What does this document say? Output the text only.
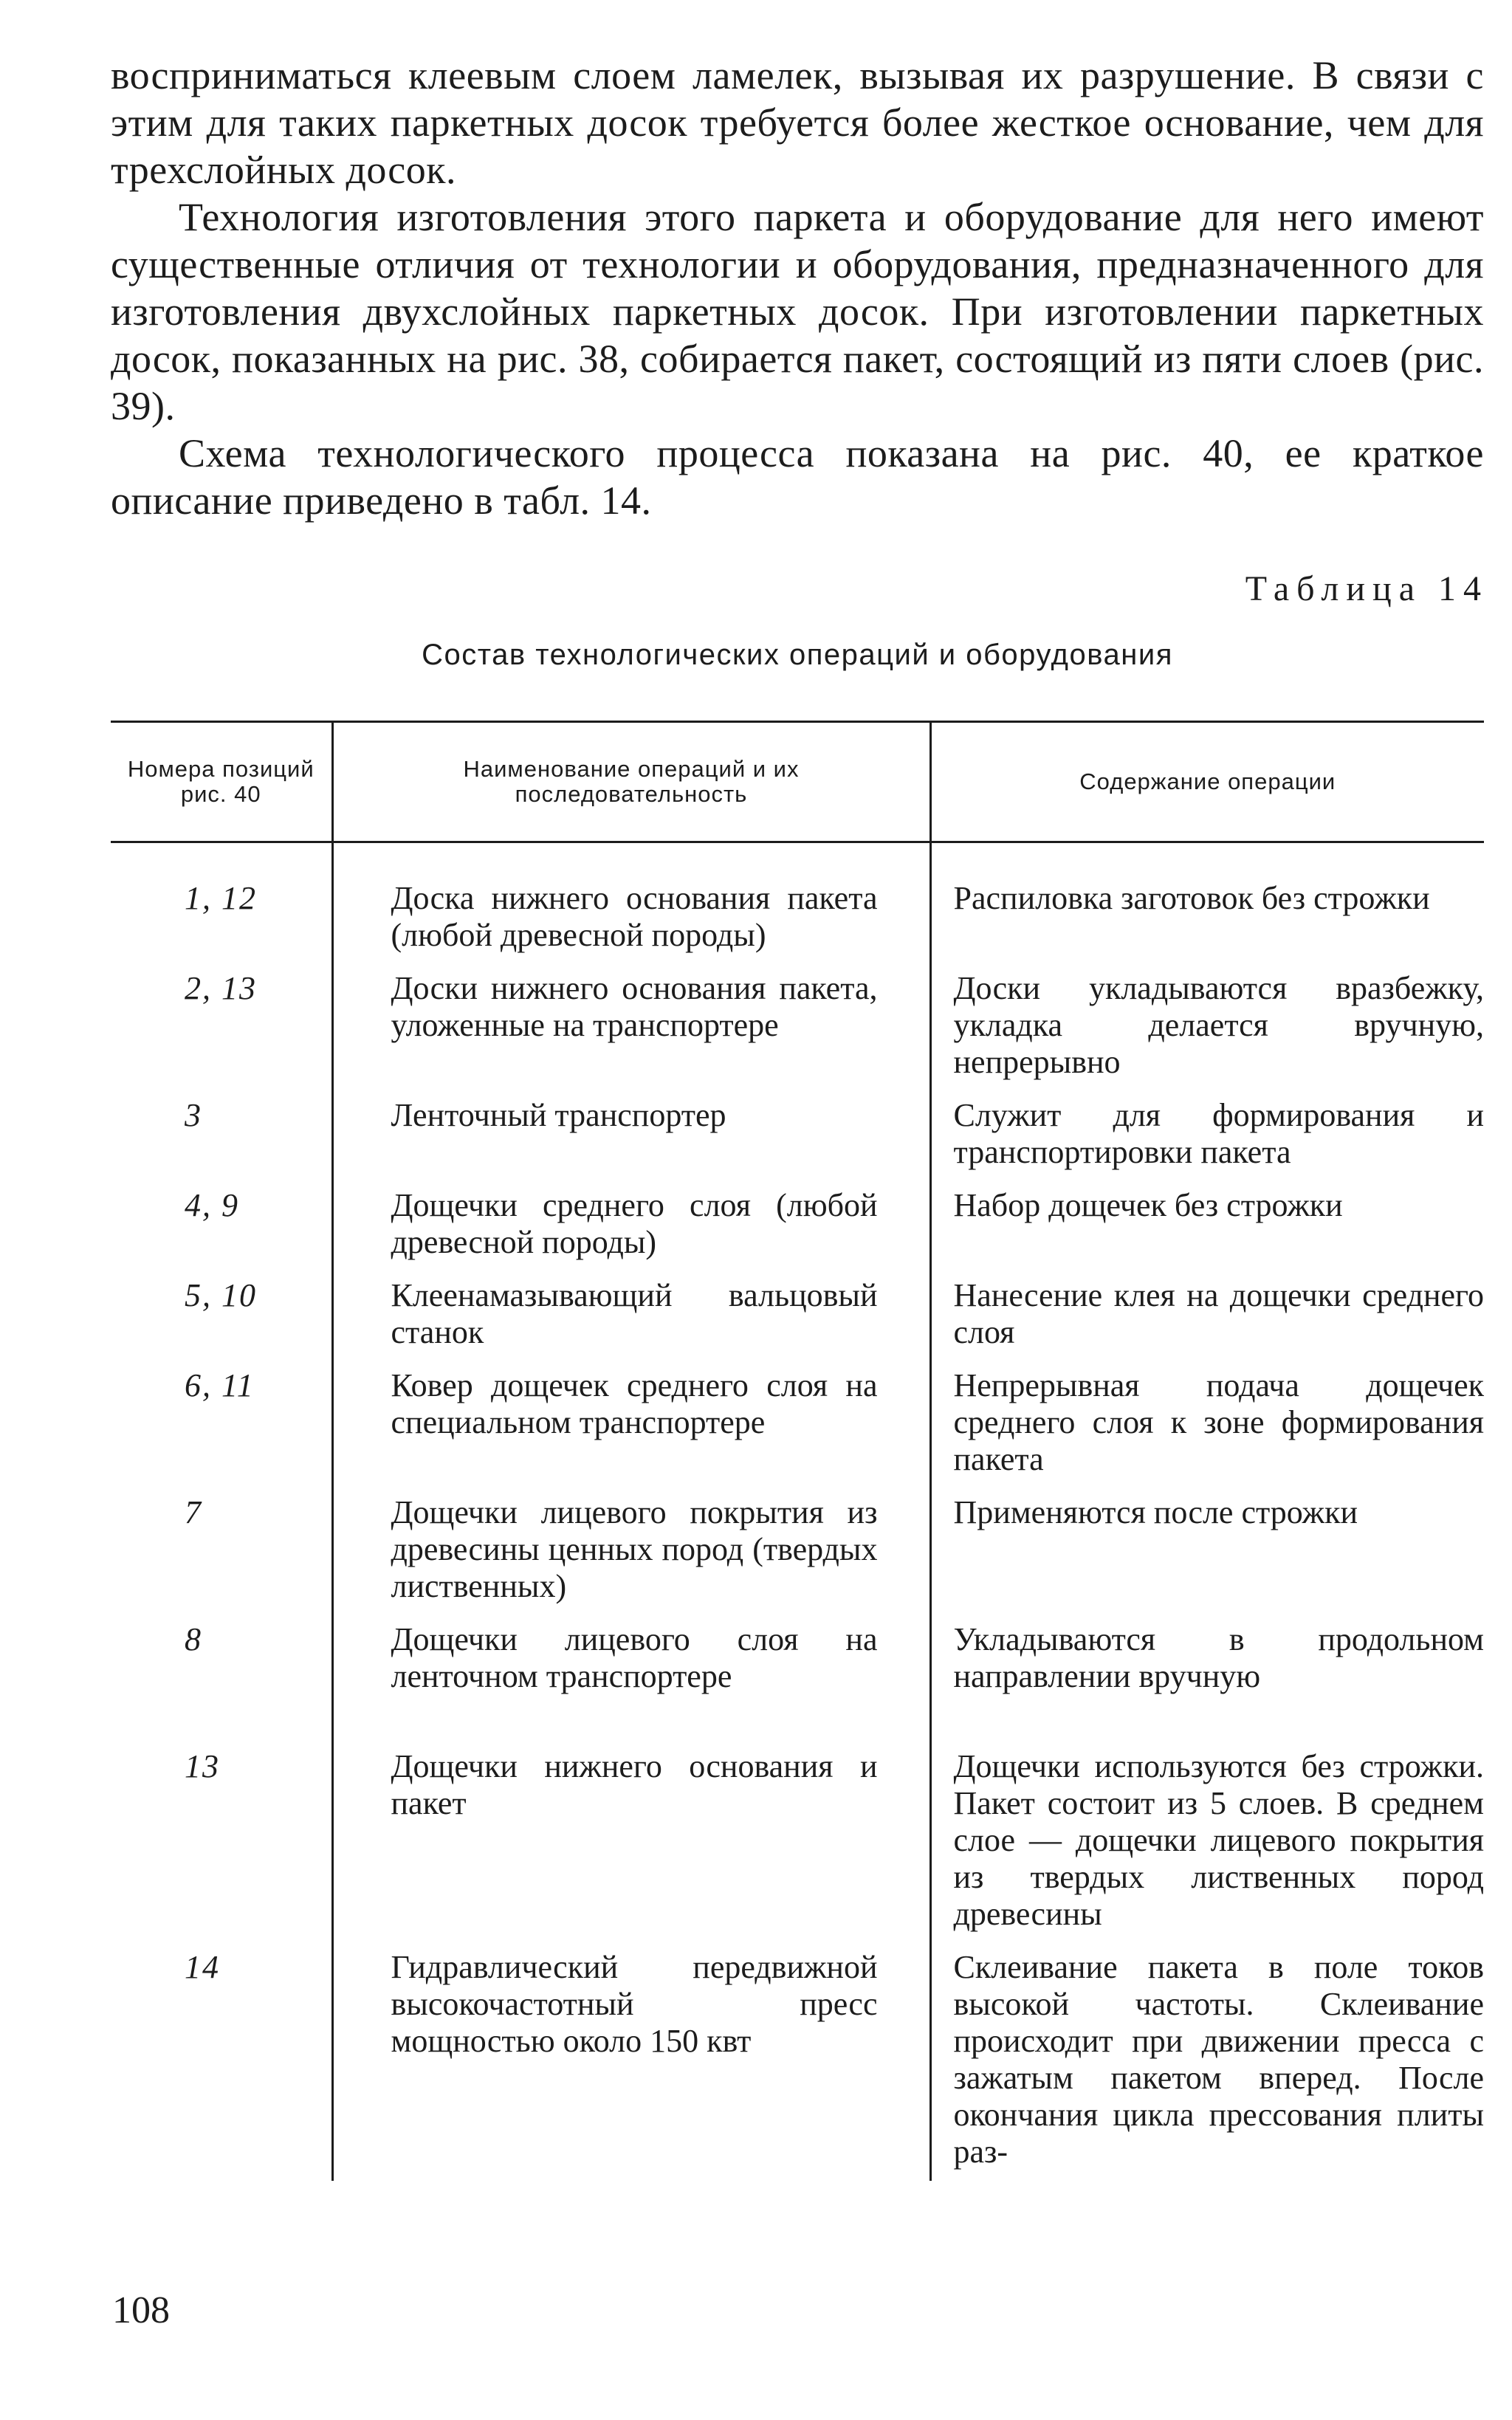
восприниматься клеевым слоем ламелек, вызывая их разрушение. В связи с этим для таких паркетных досок требуется более жесткое основание, чем для трехслойных досок.

Технология изготовления этого паркета и оборудование для него имеют существенные отличия от технологии и оборудования, предназначенного для изготовления двухслойных паркетных досок. При изготовлении паркетных досок, показанных на рис. 38, собирается пакет, состоящий из пяти слоев (рис. 39).

Схема технологического процесса показана на рис. 40, ее краткое описание приведено в табл. 14.

Таблица 14
Состав технологических операций и оборудования
Номера позиций рис. 40	Наименование операций и их последовательность	Содержание операции
1, 12	Доска нижнего основания пакета (любой древесной породы)	Распиловка заготовок без строжки
2, 13	Доски нижнего основания пакета, уложенные на транспортере	Доски укладываются вразбежку, укладка делается вручную, непрерывно
3	Ленточный транспортер	Служит для формирования и транспортировки пакета
4, 9	Дощечки среднего слоя (любой древесной породы)	Набор дощечек без строжки
5, 10	Клеенамазывающий вальцовый станок	Нанесение клея на дощечки среднего слоя
6, 11	Ковер дощечек среднего слоя на специальном транспортере	Непрерывная подача дощечек среднего слоя к зоне формирования пакета
7	Дощечки лицевого покрытия из древесины ценных пород (твердых лиственных)	Применяются после строжки
8	Дощечки лицевого слоя на ленточном транспортере	Укладываются в продольном направлении вручную
13	Дощечки нижнего основания и пакет	Дощечки используются без строжки. Пакет состоит из 5 слоев. В среднем слое — дощечки лицевого покрытия из твердых лиственных пород древесины
14	Гидравлический передвижной высокочастотный пресс мощностью около 150 квт	Склеивание пакета в поле токов высокой частоты. Склеивание происходит при движении пресса с зажатым пакетом вперед. После окончания цикла прессования плиты раз-
108
